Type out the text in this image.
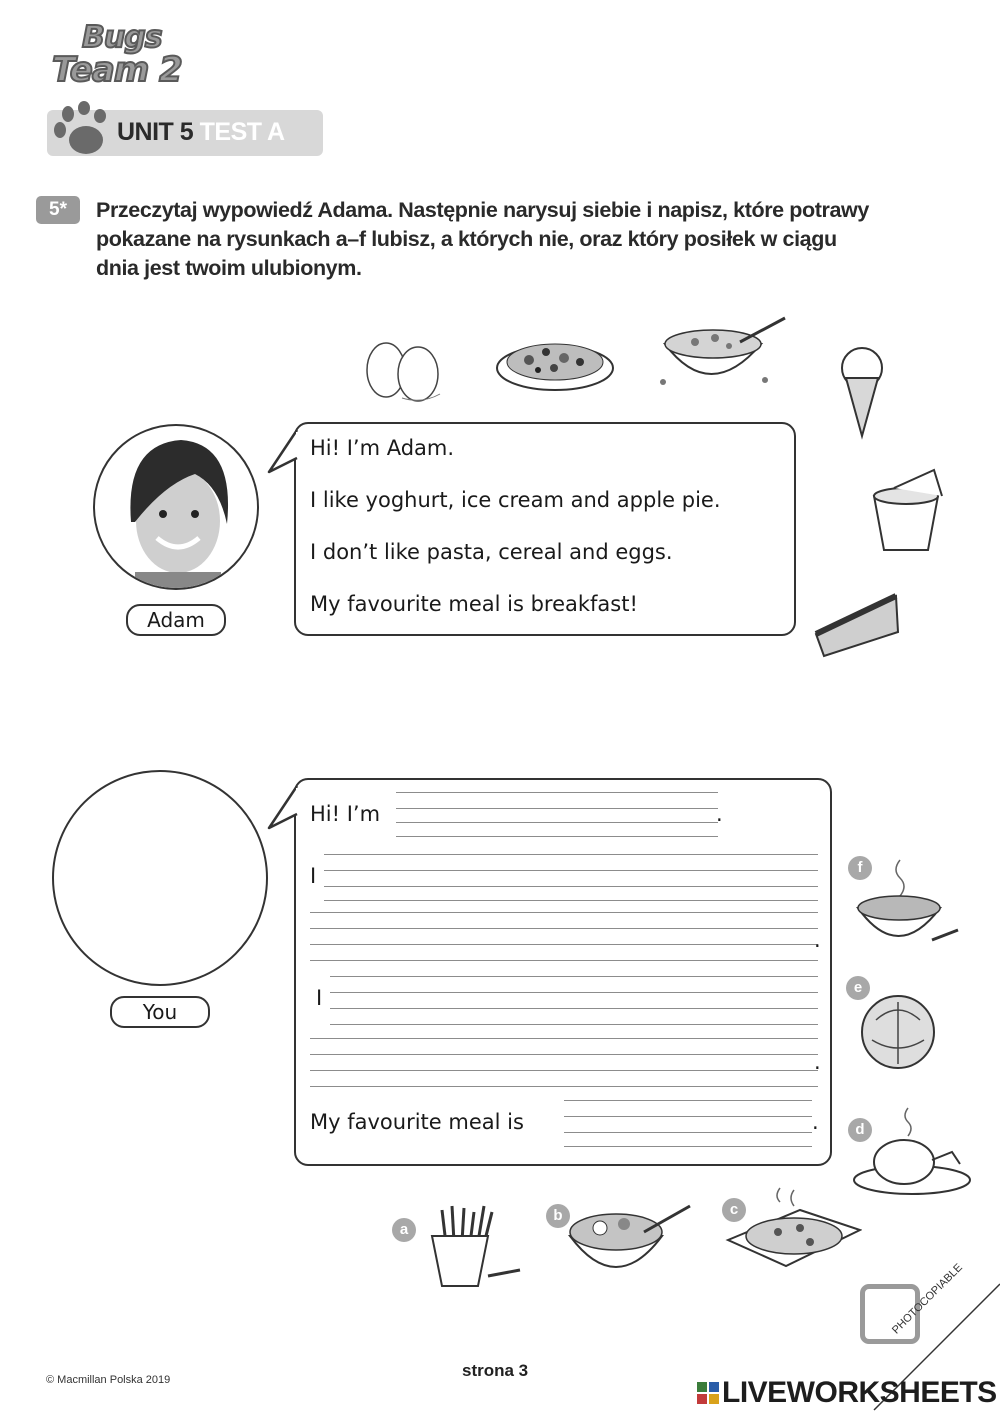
Bugs
Team 2
UNIT 5 TEST A
5*	Przeczytaj wypowiedź Adama. Następnie narysuj siebie i napisz, które potrawy
pokazane na rysunkach a–f lubisz, a których nie, oraz który posiłek w ciągu
dnia jest twoim ulubionym.
Adam
Hi! I’m Adam.
I like yoghurt, ice cream and apple pie.
I don’t like pasta, cereal and eggs.
My favourite meal is breakfast!
You
Hi! I’m	.
I
.
I
.
My favourite meal is	.
f
e
d
a
b	c
© Macmillan Polska 2019	strona 3
PHOTOCOPIABLE
LIVEWORKSHEETS
